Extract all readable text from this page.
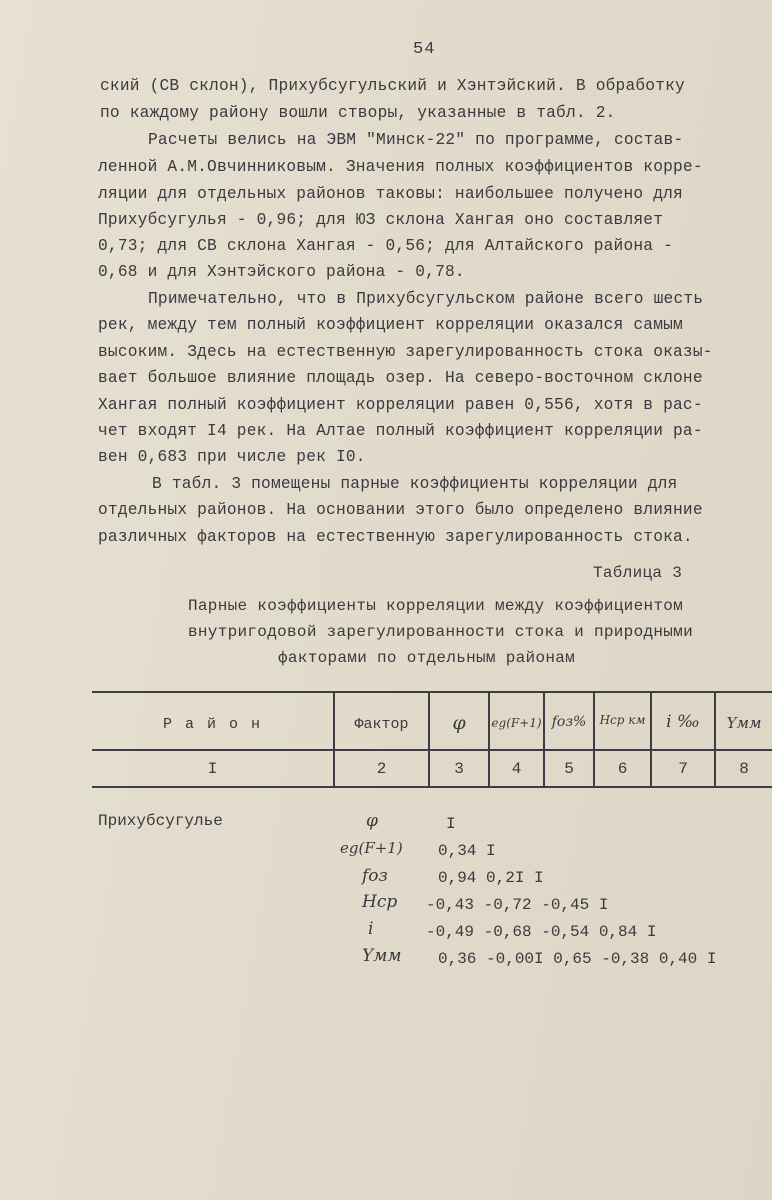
54
ский (СВ склон), Прихубсугульский и Хэнтэйский. В обработку
по каждому району вошли створы, указанные в табл. 2.
Расчеты велись на ЭВМ "Минск-22" по программе, состав-
ленной А.М.Овчинниковым. Значения полных коэффициентов корре-
ляции для отдельных районов таковы: наибольшее получено для
Прихубсугулья - 0,96; для ЮЗ склона Хангая оно составляет
0,73; для СВ склона Хангая - 0,56; для Алтайского района -
0,68 и для Хэнтэйского района - 0,78.
Примечательно, что в Прихубсугульском районе всего шесть
рек, между тем полный коэффициент корреляции оказался самым
высоким. Здесь на естественную зарегулированность стока оказы-
вает большое влияние площадь озер. На северо-восточном склоне
Хангая полный коэффициент корреляции равен 0,556, хотя в рас-
чет входят I4 рек. На Алтае полный коэффициент корреляции ра-
вен 0,683 при числе рек I0.
В табл. 3 помещены парные коэффициенты корреляции для
отдельных районов. На основании этого было определено влияние
различных факторов на естественную зарегулированность стока.
Таблица 3
Парные коэффициенты корреляции между коэффициентом
внутригодовой зарегулированности стока и природными
факторами по отдельным районам
Р а й о н	Фактор	φ	eg(F+1) fоз%	Hср км	i ‰	Yмм
I	2	3	4	5	6	7	8
Прихубсугулье	φ	I
eg(F+1) 0,34 I
fоз	0,94 0,2I I
Hср -0,43 -0,72 -0,45 I
i	-0,49 -0,68 -0,54 0,84 I
Yмм 0,36 -0,00I 0,65 -0,38 0,40 I
